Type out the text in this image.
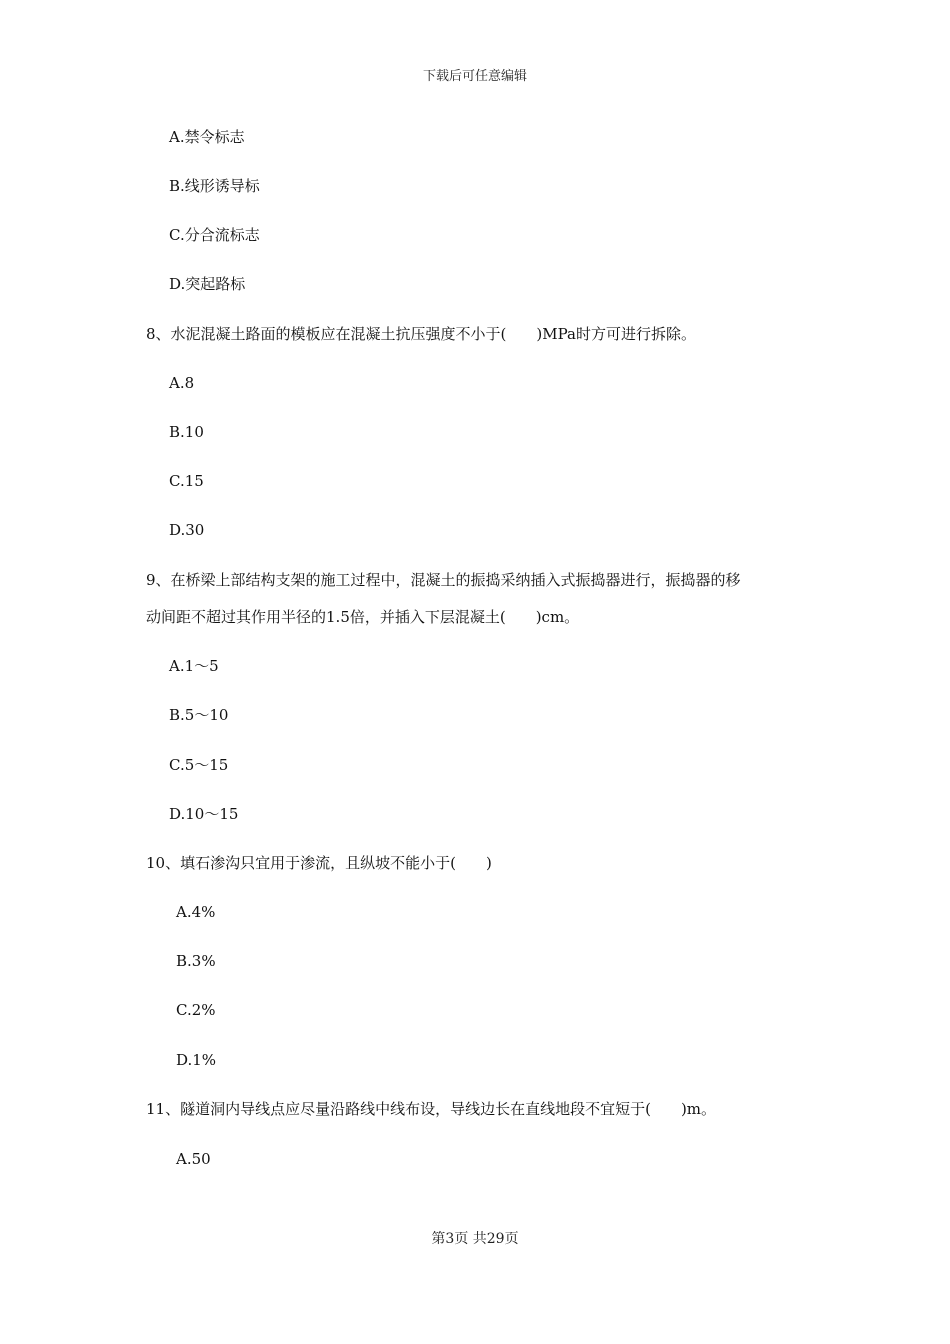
下载后可任意编辑
A.禁令标志
B.线形诱导标
C.分合流标志
D.突起路标
8、水泥混凝土路面的模板应在混凝土抗压强度不小于(　　)MPa时方可进行拆除。
A.8
B.10
C.15
D.30
9、在桥梁上部结构支架的施工过程中，混凝土的振捣采纳插入式振捣器进行，振捣器的移
动间距不超过其作用半径的1.5倍，并插入下层混凝土(　　)cm。
A.1～5
B.5～10
C.5～15
D.10～15
10、填石渗沟只宜用于渗流，且纵坡不能小于(　　)
A.4%
B.3%
C.2%
D.1%
11、隧道洞内导线点应尽量沿路线中线布设，导线边长在直线地段不宜短于(　　)m。
A.50
第3页 共29页
